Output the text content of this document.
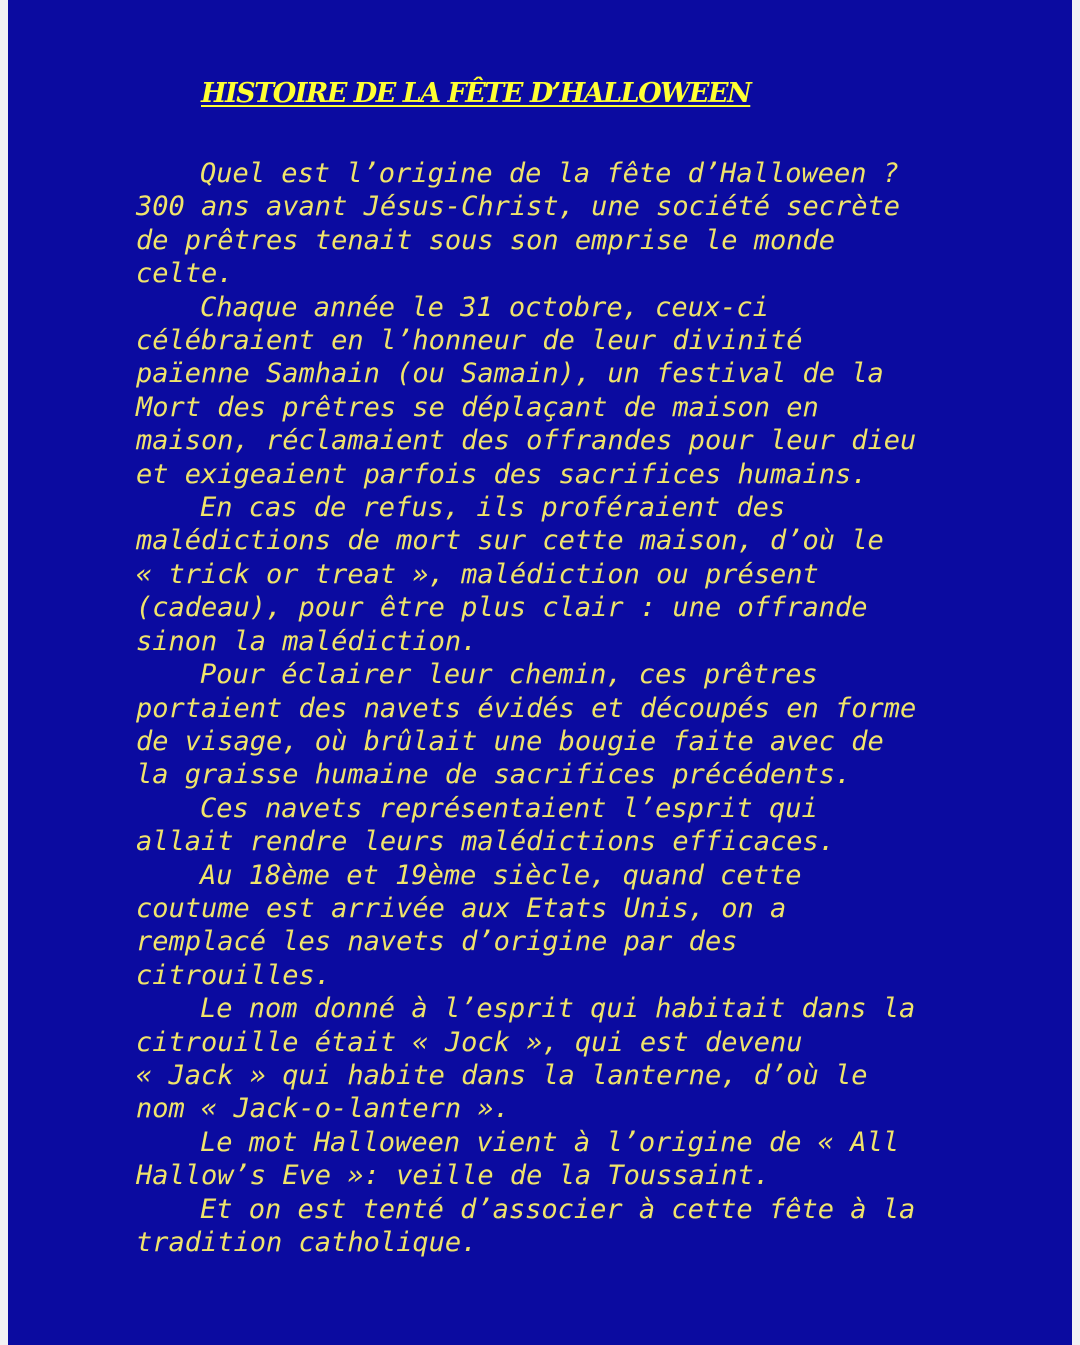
HISTOIRE DE LA FÊTE D’HALLOWEEN

Quel est l’origine de la fête d’Halloween ?
300 ans avant Jésus-Christ, une société secrète
de prêtres tenait sous son emprise le monde
celte.

Chaque année le 31 octobre, ceux-ci
célébraient en l’honneur de leur divinité
païenne Samhain (ou Samain), un festival de la
Mort des prêtres se déplaçant de maison en
maison, réclamaient des offrandes pour leur dieu
et exigeaient parfois des sacrifices humains.

En cas de refus, ils proféraient des
malédictions de mort sur cette maison, d’où le
« trick or treat », malédiction ou présent
(cadeau), pour être plus clair : une offrande
sinon la malédiction.

Pour éclairer leur chemin, ces prêtres
portaient des navets évidés et découpés en forme
de visage, où brûlait une bougie faite avec de
la graisse humaine de sacrifices précédents.

Ces navets représentaient l’esprit qui
allait rendre leurs malédictions efficaces.

Au 18ème et 19ème siècle, quand cette
coutume est arrivée aux Etats Unis, on a
remplacé les navets d’origine par des
citrouilles.

Le nom donné à l’esprit qui habitait dans la
citrouille était « Jock », qui est devenu
« Jack » qui habite dans la lanterne, d’où le
nom « Jack-o-lantern ».

Le mot Halloween vient à l’origine de « All
Hallow’s Eve »: veille de la Toussaint.

Et on est tenté d’associer à cette fête à la
tradition catholique.
